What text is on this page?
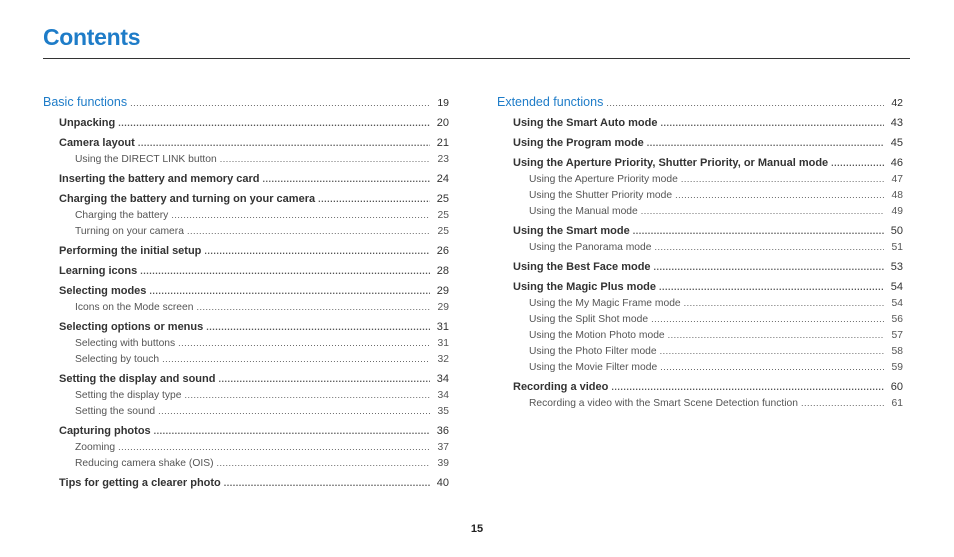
Contents
Basic functions .....	19
Unpacking .....	20
Camera layout .....	21
Using the DIRECT LINK button .....	23
Inserting the battery and memory card .....	24
Charging the battery and turning on your camera .....	25
Charging the battery .....	25
Turning on your camera .....	25
Performing the initial setup .....	26
Learning icons .....	28
Selecting modes .....	29
Icons on the Mode screen .....	29
Selecting options or menus .....	31
Selecting with buttons .....	31
Selecting by touch .....	32
Setting the display and sound .....	34
Setting the display type .....	34
Setting the sound .....	35
Capturing photos .....	36
Zooming .....	37
Reducing camera shake (OIS) .....	39
Tips for getting a clearer photo .....	40
Extended functions .....	42
Using the Smart Auto mode .....	43
Using the Program mode .....	45
Using the Aperture Priority, Shutter Priority, or Manual mode .....	46
Using the Aperture Priority mode .....	47
Using the Shutter Priority mode .....	48
Using the Manual mode .....	49
Using the Smart mode .....	50
Using the Panorama mode .....	51
Using the Best Face mode .....	53
Using the Magic Plus mode .....	54
Using the My Magic Frame mode .....	54
Using the Split Shot mode .....	56
Using the Motion Photo mode .....	57
Using the Photo Filter mode .....	58
Using the Movie Filter mode .....	59
Recording a video .....	60
Recording a video with the Smart Scene Detection function .....	61
15
